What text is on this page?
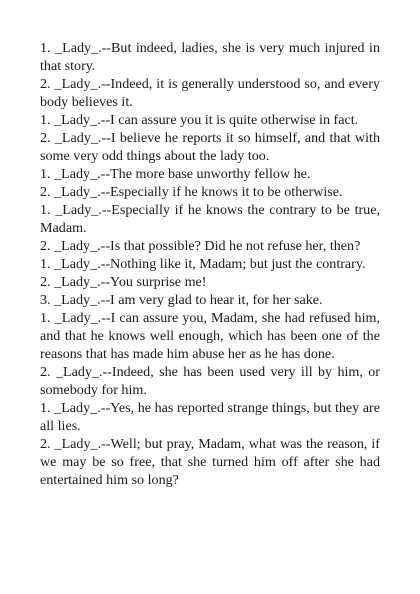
1. _Lady_.--But indeed, ladies, she is very much injured in that story.

2. _Lady_.--Indeed, it is generally understood so, and every body believes it.

1. _Lady_.--I can assure you it is quite otherwise in fact.

2. _Lady_.--I believe he reports it so himself, and that with some very odd things about the lady too.

1. _Lady_.--The more base unworthy fellow he.

2. _Lady_.--Especially if he knows it to be otherwise.

1. _Lady_.--Especially if he knows the contrary to be true, Madam.

2. _Lady_.--Is that possible? Did he not refuse her, then?

1. _Lady_.--Nothing like it, Madam; but just the contrary.

2. _Lady_.--You surprise me!

3. _Lady_.--I am very glad to hear it, for her sake.

1. _Lady_.--I can assure you, Madam, she had refused him, and that he knows well enough, which has been one of the reasons that has made him abuse her as he has done.

2. _Lady_.--Indeed, she has been used very ill by him, or somebody for him.

1. _Lady_.--Yes, he has reported strange things, but they are all lies.

2. _Lady_.--Well; but pray, Madam, what was the reason, if we may be so free, that she turned him off after she had entertained him so long?
